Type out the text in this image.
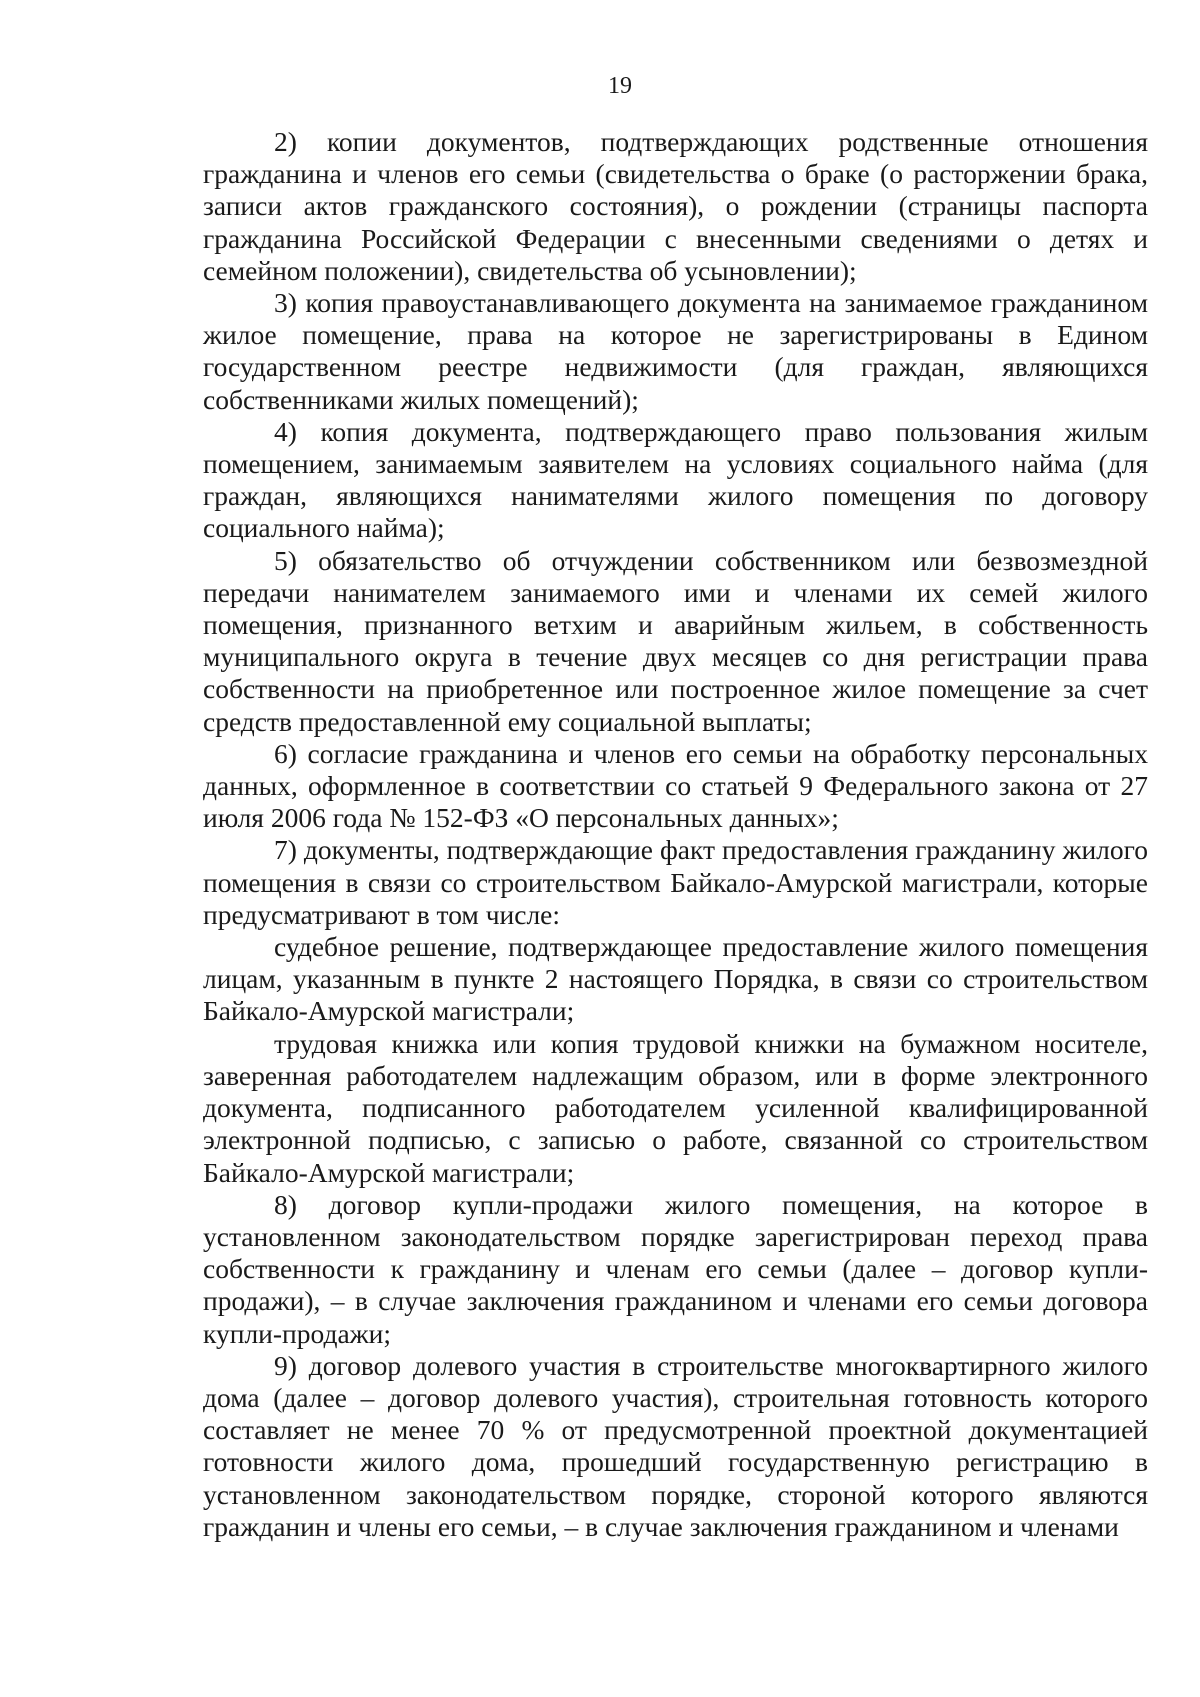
19

2) копии документов, подтверждающих родственные отношения гражданина и членов его семьи (свидетельства о браке (о расторжении брака, записи актов гражданского состояния), о рождении (страницы паспорта гражданина Российской Федерации с внесенными сведениями о детях и семейном положении), свидетельства об усыновлении);

3) копия правоустанавливающего документа на занимаемое гражданином жилое помещение, права на которое не зарегистрированы в Едином государственном реестре недвижимости (для граждан, являющихся собственниками жилых помещений);

4) копия документа, подтверждающего право пользования жилым помещением, занимаемым заявителем на условиях социального найма (для граждан, являющихся нанимателями жилого помещения по договору социального найма);

5) обязательство об отчуждении собственником или безвозмездной передачи нанимателем занимаемого ими и членами их семей жилого помещения, признанного ветхим и аварийным жильем, в собственность муниципального округа в течение двух месяцев со дня регистрации права собственности на приобретенное или построенное жилое помещение за счет средств предоставленной ему социальной выплаты;

6) согласие гражданина и членов его семьи на обработку персональных данных, оформленное в соответствии со статьей 9 Федерального закона от 27 июля 2006 года № 152-ФЗ «О персональных данных»;

7) документы, подтверждающие факт предоставления гражданину жилого помещения в связи со строительством Байкало-Амурской магистрали, которые предусматривают в том числе:

судебное решение, подтверждающее предоставление жилого помещения лицам, указанным в пункте 2 настоящего Порядка, в связи со строительством Байкало-Амурской магистрали;

трудовая книжка или копия трудовой книжки на бумажном носителе, заверенная работодателем надлежащим образом, или в форме электронного документа, подписанного работодателем усиленной квалифицированной электронной подписью, с записью о работе, связанной со строительством Байкало-Амурской магистрали;

8) договор купли-продажи жилого помещения, на которое в установленном законодательством порядке зарегистрирован переход права собственности к гражданину и членам его семьи (далее – договор купли-продажи), – в случае заключения гражданином и членами его семьи договора купли-продажи;

9) договор долевого участия в строительстве многоквартирного жилого дома (далее – договор долевого участия), строительная готовность которого составляет не менее 70 % от предусмотренной проектной документацией готовности жилого дома, прошедший государственную регистрацию в установленном законодательством порядке, стороной которого являются гражданин и члены его семьи, – в случае заключения гражданином и членами
